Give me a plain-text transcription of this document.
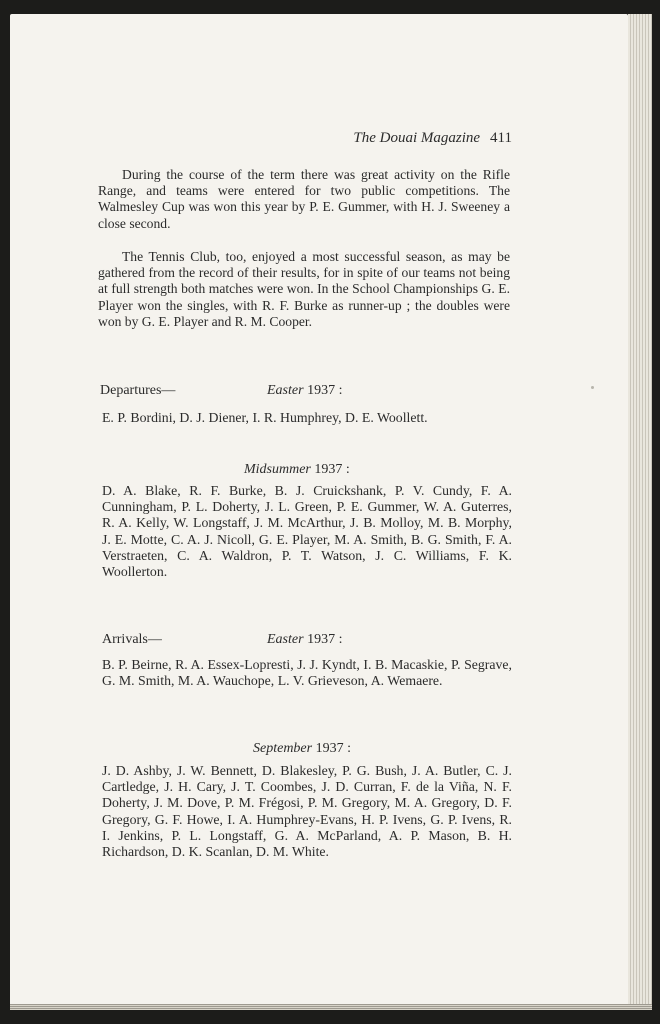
The Douai Magazine 411

During the course of the term there was great activity on the Rifle Range, and teams were entered for two public competitions. The Walmesley Cup was won this year by P. E. Gummer, with H. J. Sweeney a close second.

The Tennis Club, too, enjoyed a most successful season, as may be gathered from the record of their results, for in spite of our teams not being at full strength both matches were won. In the School Championships G. E. Player won the singles, with R. F. Burke as runner-up ; the doubles were won by G. E. Player and R. M. Cooper.

Departures—	Easter 1937 :

E. P. Bordini, D. J. Diener, I. R. Humphrey, D. E. Woollett.

Midsummer 1937 :

D. A. Blake, R. F. Burke, B. J. Cruickshank, P. V. Cundy, F. A. Cunningham, P. L. Doherty, J. L. Green, P. E. Gummer, W. A. Guterres, R. A. Kelly, W. Longstaff, J. M. McArthur, J. B. Molloy, M. B. Morphy, J. E. Motte, C. A. J. Nicoll, G. E. Player, M. A. Smith, B. G. Smith, F. A. Verstraeten, C. A. Waldron, P. T. Watson, J. C. Williams, F. K. Woollerton.

Arrivals—	Easter 1937 :

B. P. Beirne, R. A. Essex-Lopresti, J. J. Kyndt, I. B. Macaskie, P. Segrave, G. M. Smith, M. A. Wauchope, L. V. Grieveson, A. Wemaere.

September 1937 :

J. D. Ashby, J. W. Bennett, D. Blakesley, P. G. Bush, J. A. Butler, C. J. Cartledge, J. H. Cary, J. T. Coombes, J. D. Curran, F. de la Viña, N. F. Doherty, J. M. Dove, P. M. Frégosi, P. M. Gregory, M. A. Gregory, D. F. Gregory, G. F. Howe, I. A. Humphrey-Evans, H. P. Ivens, G. P. Ivens, R. I. Jenkins, P. L. Longstaff, G. A. McParland, A. P. Mason, B. H. Richardson, D. K. Scanlan, D. M. White.
